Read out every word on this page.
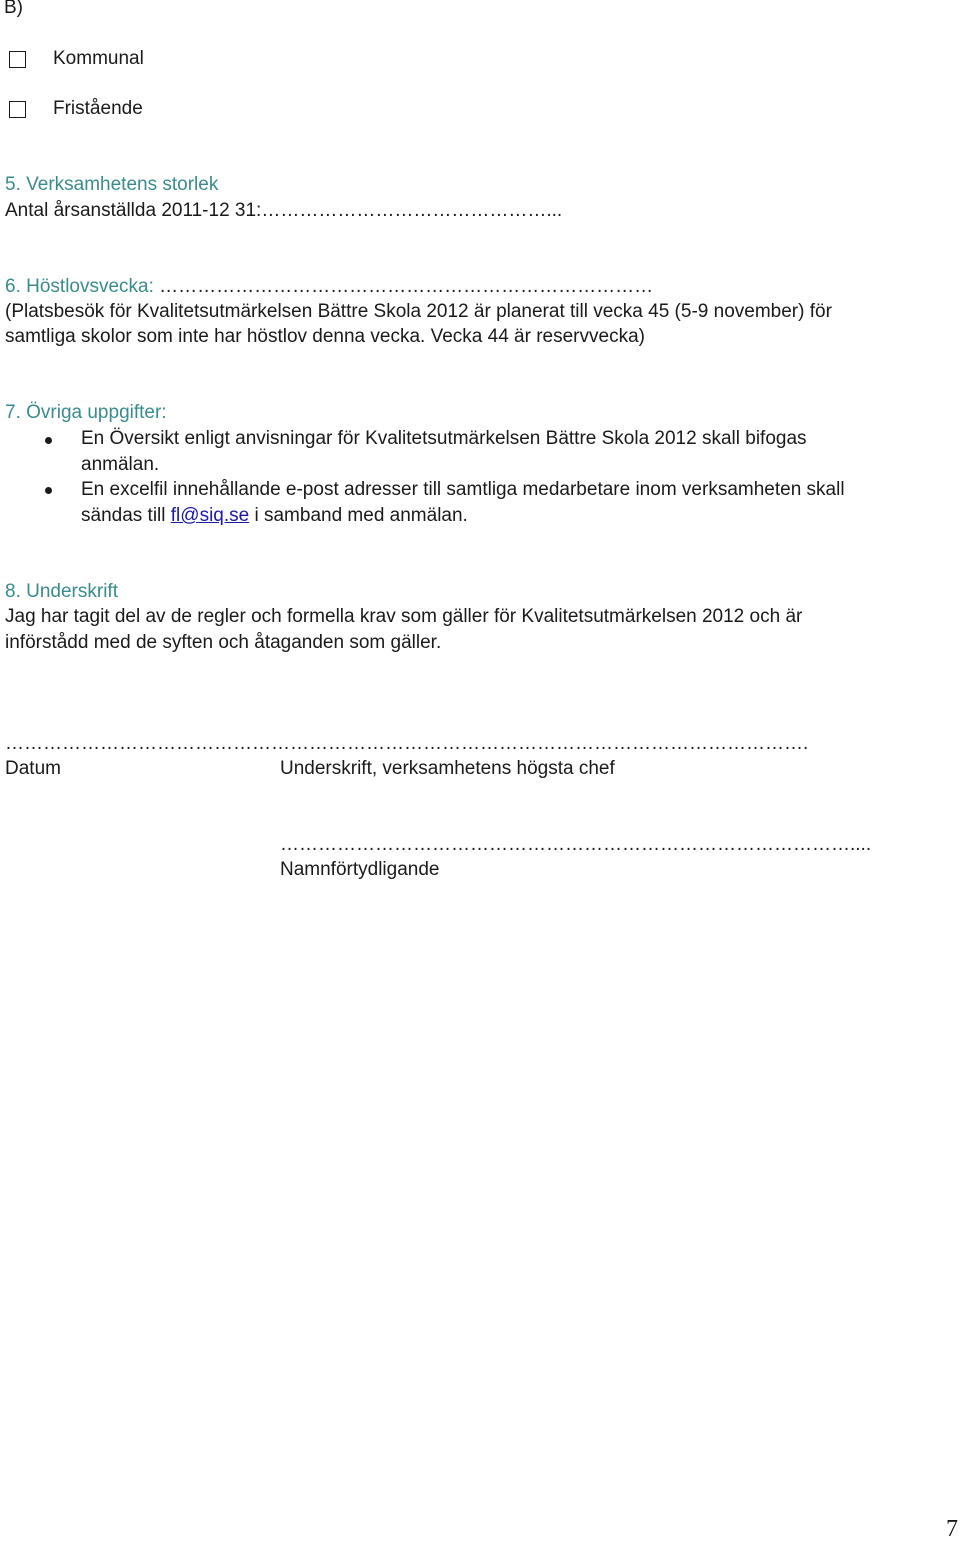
B)
Kommunal
Fristående
5. Verksamhetens storlek
Antal årsanställda 2011-12 31:………………………………………...
6. Höstlovsvecka: ……………………………………………………………………
(Platsbesök för Kvalitetsutmärkelsen Bättre Skola 2012 är planerat till vecka 45 (5-9 november) för
samtliga skolor som inte har höstlov denna vecka. Vecka 44 är reservvecka)
7. Övriga uppgifter:
En Översikt enligt anvisningar för Kvalitetsutmärkelsen Bättre Skola 2012 skall bifogas
anmälan.
En excelfil innehållande e-post adresser till samtliga medarbetare inom verksamheten skall
sändas till fl@siq.se i samband med anmälan.
8. Underskrift
Jag har tagit del av de regler och formella krav som gäller för Kvalitetsutmärkelsen 2012 och är
införstådd med de syften och åtaganden som gäller.
……………………………………………………………………………………………………………….
Datum	Underskrift, verksamhetens högsta chef
………………………………………………………………………………....
Namnförtydligande
7
